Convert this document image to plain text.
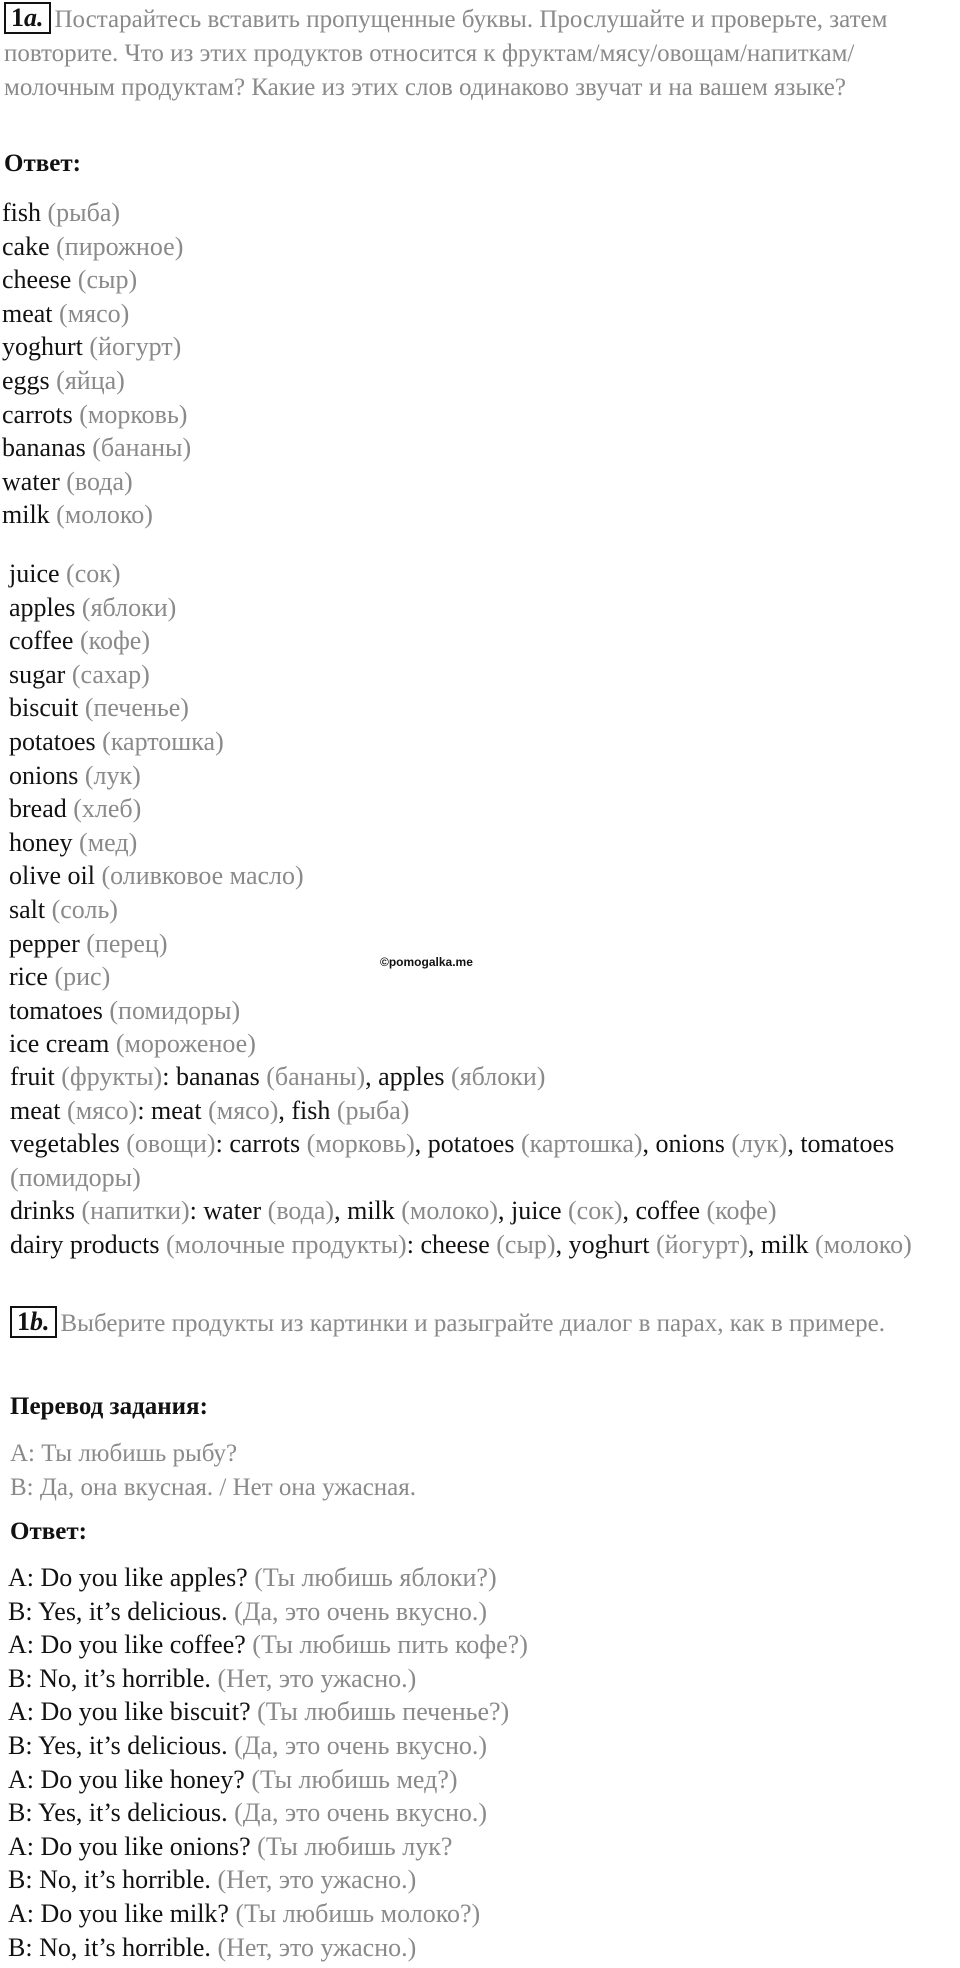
1a. Постарайтесь вставить пропущенные буквы. Прослушайте и проверьте, затем повторите. Что из этих продуктов относится к фруктам/мясу/овощам/напиткам/молочным продуктам? Какие из этих слов одинаково звучат и на вашем языке?
Ответ:
fish (рыба)
cake (пирожное)
cheese (сыр)
meat (мясо)
yoghurt (йогурт)
eggs (яйца)
carrots (морковь)
bananas (бананы)
water (вода)
milk (молоко)
juice (сок)
apples (яблоки)
coffee (кофе)
sugar (сахар)
biscuit (печенье)
potatoes (картошка)
onions (лук)
bread (хлеб)
honey (мед)
olive oil (оливковое масло)
salt (соль)
pepper (перец)
rice (рис)
tomatoes (помидоры)
ice cream (мороженое)
©pomogalka.me
fruit (фрукты): bananas (бананы), apples (яблоки)
meat (мясо): meat (мясо), fish (рыба)
vegetables (овощи): carrots (морковь), potatoes (картошка), onions (лук), tomatoes (помидоры)
drinks (напитки): water (вода), milk (молоко), juice (сок), coffee (кофе)
dairy products (молочные продукты): cheese (сыр), yoghurt (йогурт), milk (молоко)
1b. Выберите продукты из картинки и разыграйте диалог в парах, как в примере.
Перевод задания:
A: Ты любишь рыбу?
B: Да, она вкусная. / Нет она ужасная.
Ответ:
A: Do you like apples? (Ты любишь яблоки?)
B: Yes, it’s delicious. (Да, это очень вкусно.)
A: Do you like coffee? (Ты любишь пить кофе?)
B: No, it’s horrible. (Нет, это ужасно.)
A: Do you like biscuit? (Ты любишь печенье?)
B: Yes, it’s delicious. (Да, это очень вкусно.)
A: Do you like honey? (Ты любишь мед?)
B: Yes, it’s delicious. (Да, это очень вкусно.)
A: Do you like onions? (Ты любишь лук?
B: No, it’s horrible. (Нет, это ужасно.)
A: Do you like milk? (Ты любишь молоко?)
B: No, it’s horrible. (Нет, это ужасно.)
